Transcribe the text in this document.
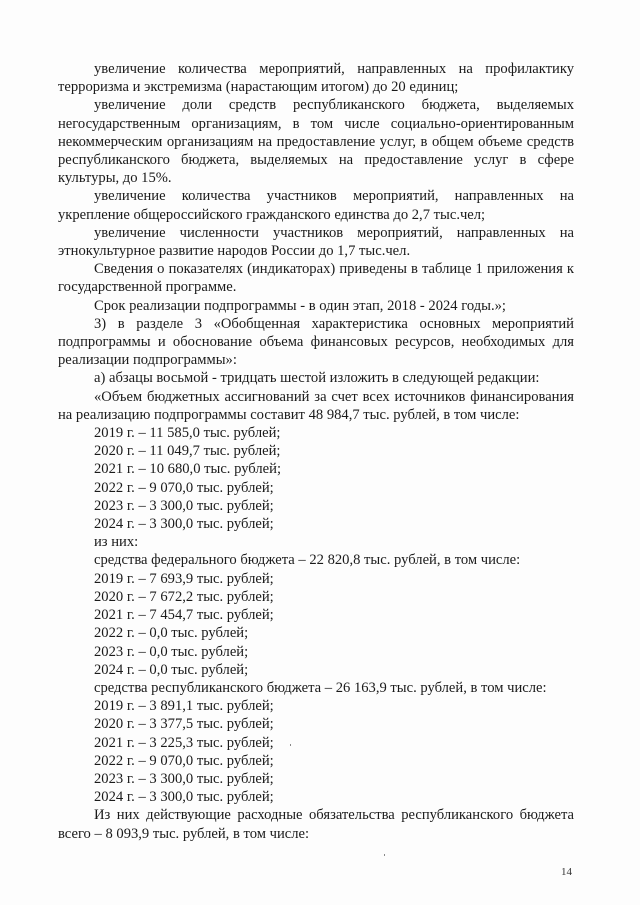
увеличение количества мероприятий, направленных на профилактику терроризма и экстремизма (нарастающим итогом) до 20 единиц;

увеличение доли средств республиканского бюджета, выделяемых негосударственным организациям, в том числе социально-ориентированным некоммерческим организациям на предоставление услуг, в общем объеме средств республиканского бюджета, выделяемых на предоставление услуг в сфере культуры, до 15%.

увеличение количества участников мероприятий, направленных на укрепление общероссийского гражданского единства до 2,7 тыс.чел;

увеличение численности участников мероприятий, направленных на этнокультурное развитие народов России до 1,7 тыс.чел.

Сведения о показателях (индикаторах) приведены в таблице 1 приложения к государственной программе.

Срок реализации подпрограммы - в один этап, 2018 - 2024 годы.»;

3) в разделе 3 «Обобщенная характеристика основных мероприятий подпрограммы и обоснование объема финансовых ресурсов, необходимых для реализации подпрограммы»:

а) абзацы восьмой - тридцать шестой изложить в следующей редакции:

«Объем бюджетных ассигнований за счет всех источников финансирования на реализацию подпрограммы составит 48 984,7 тыс. рублей, в том числе:

2019 г. – 11 585,0 тыс. рублей;

2020 г. – 11 049,7 тыс. рублей;

2021 г. – 10 680,0 тыс. рублей;

2022 г. – 9 070,0 тыс. рублей;

2023 г. – 3 300,0 тыс. рублей;

2024 г. – 3 300,0 тыс. рублей;

из них:

средства федерального бюджета – 22 820,8 тыс. рублей, в том числе:

2019 г. – 7 693,9 тыс. рублей;

2020 г. – 7 672,2 тыс. рублей;

2021 г. – 7 454,7 тыс. рублей;

2022 г. – 0,0 тыс. рублей;

2023 г. – 0,0 тыс. рублей;

2024 г. – 0,0 тыс. рублей;

средства республиканского бюджета – 26 163,9 тыс. рублей, в том числе:

2019 г. – 3 891,1 тыс. рублей;

2020 г. – 3 377,5 тыс. рублей;

2021 г. – 3 225,3 тыс. рублей;

2022 г. – 9 070,0 тыс. рублей;

2023 г. – 3 300,0 тыс. рублей;

2024 г. – 3 300,0 тыс. рублей;

Из них действующие расходные обязательства республиканского бюджета всего – 8 093,9 тыс. рублей, в том числе:

14
